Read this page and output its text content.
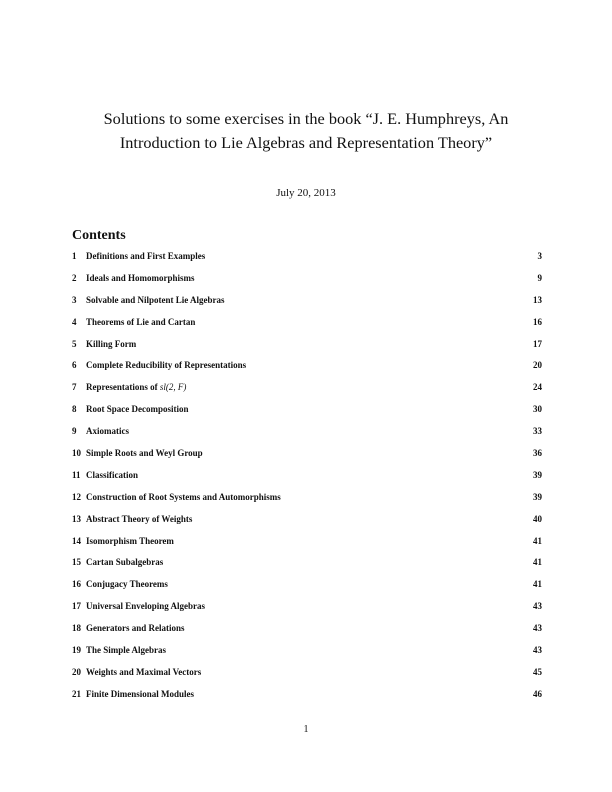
Solutions to some exercises in the book “J. E. Humphreys, An
Introduction to Lie Algebras and Representation Theory”
July 20, 2013
Contents
1	Definitions and First Examples	3
2	Ideals and Homomorphisms	9
3	Solvable and Nilpotent Lie Algebras	13
4	Theorems of Lie and Cartan	16
5	Killing Form	17
6	Complete Reducibility of Representations	20
7	Representations of sl(2, F)	24
8	Root Space Decomposition	30
9	Axiomatics	33
10 Simple Roots and Weyl Group	36
11 Classification	39
12 Construction of Root Systems and Automorphisms	39
13 Abstract Theory of Weights	40
14 Isomorphism Theorem	41
15 Cartan Subalgebras	41
16 Conjugacy Theorems	41
17 Universal Enveloping Algebras	43
18 Generators and Relations	43
19 The Simple Algebras	43
20 Weights and Maximal Vectors	45
21 Finite Dimensional Modules	46
1
